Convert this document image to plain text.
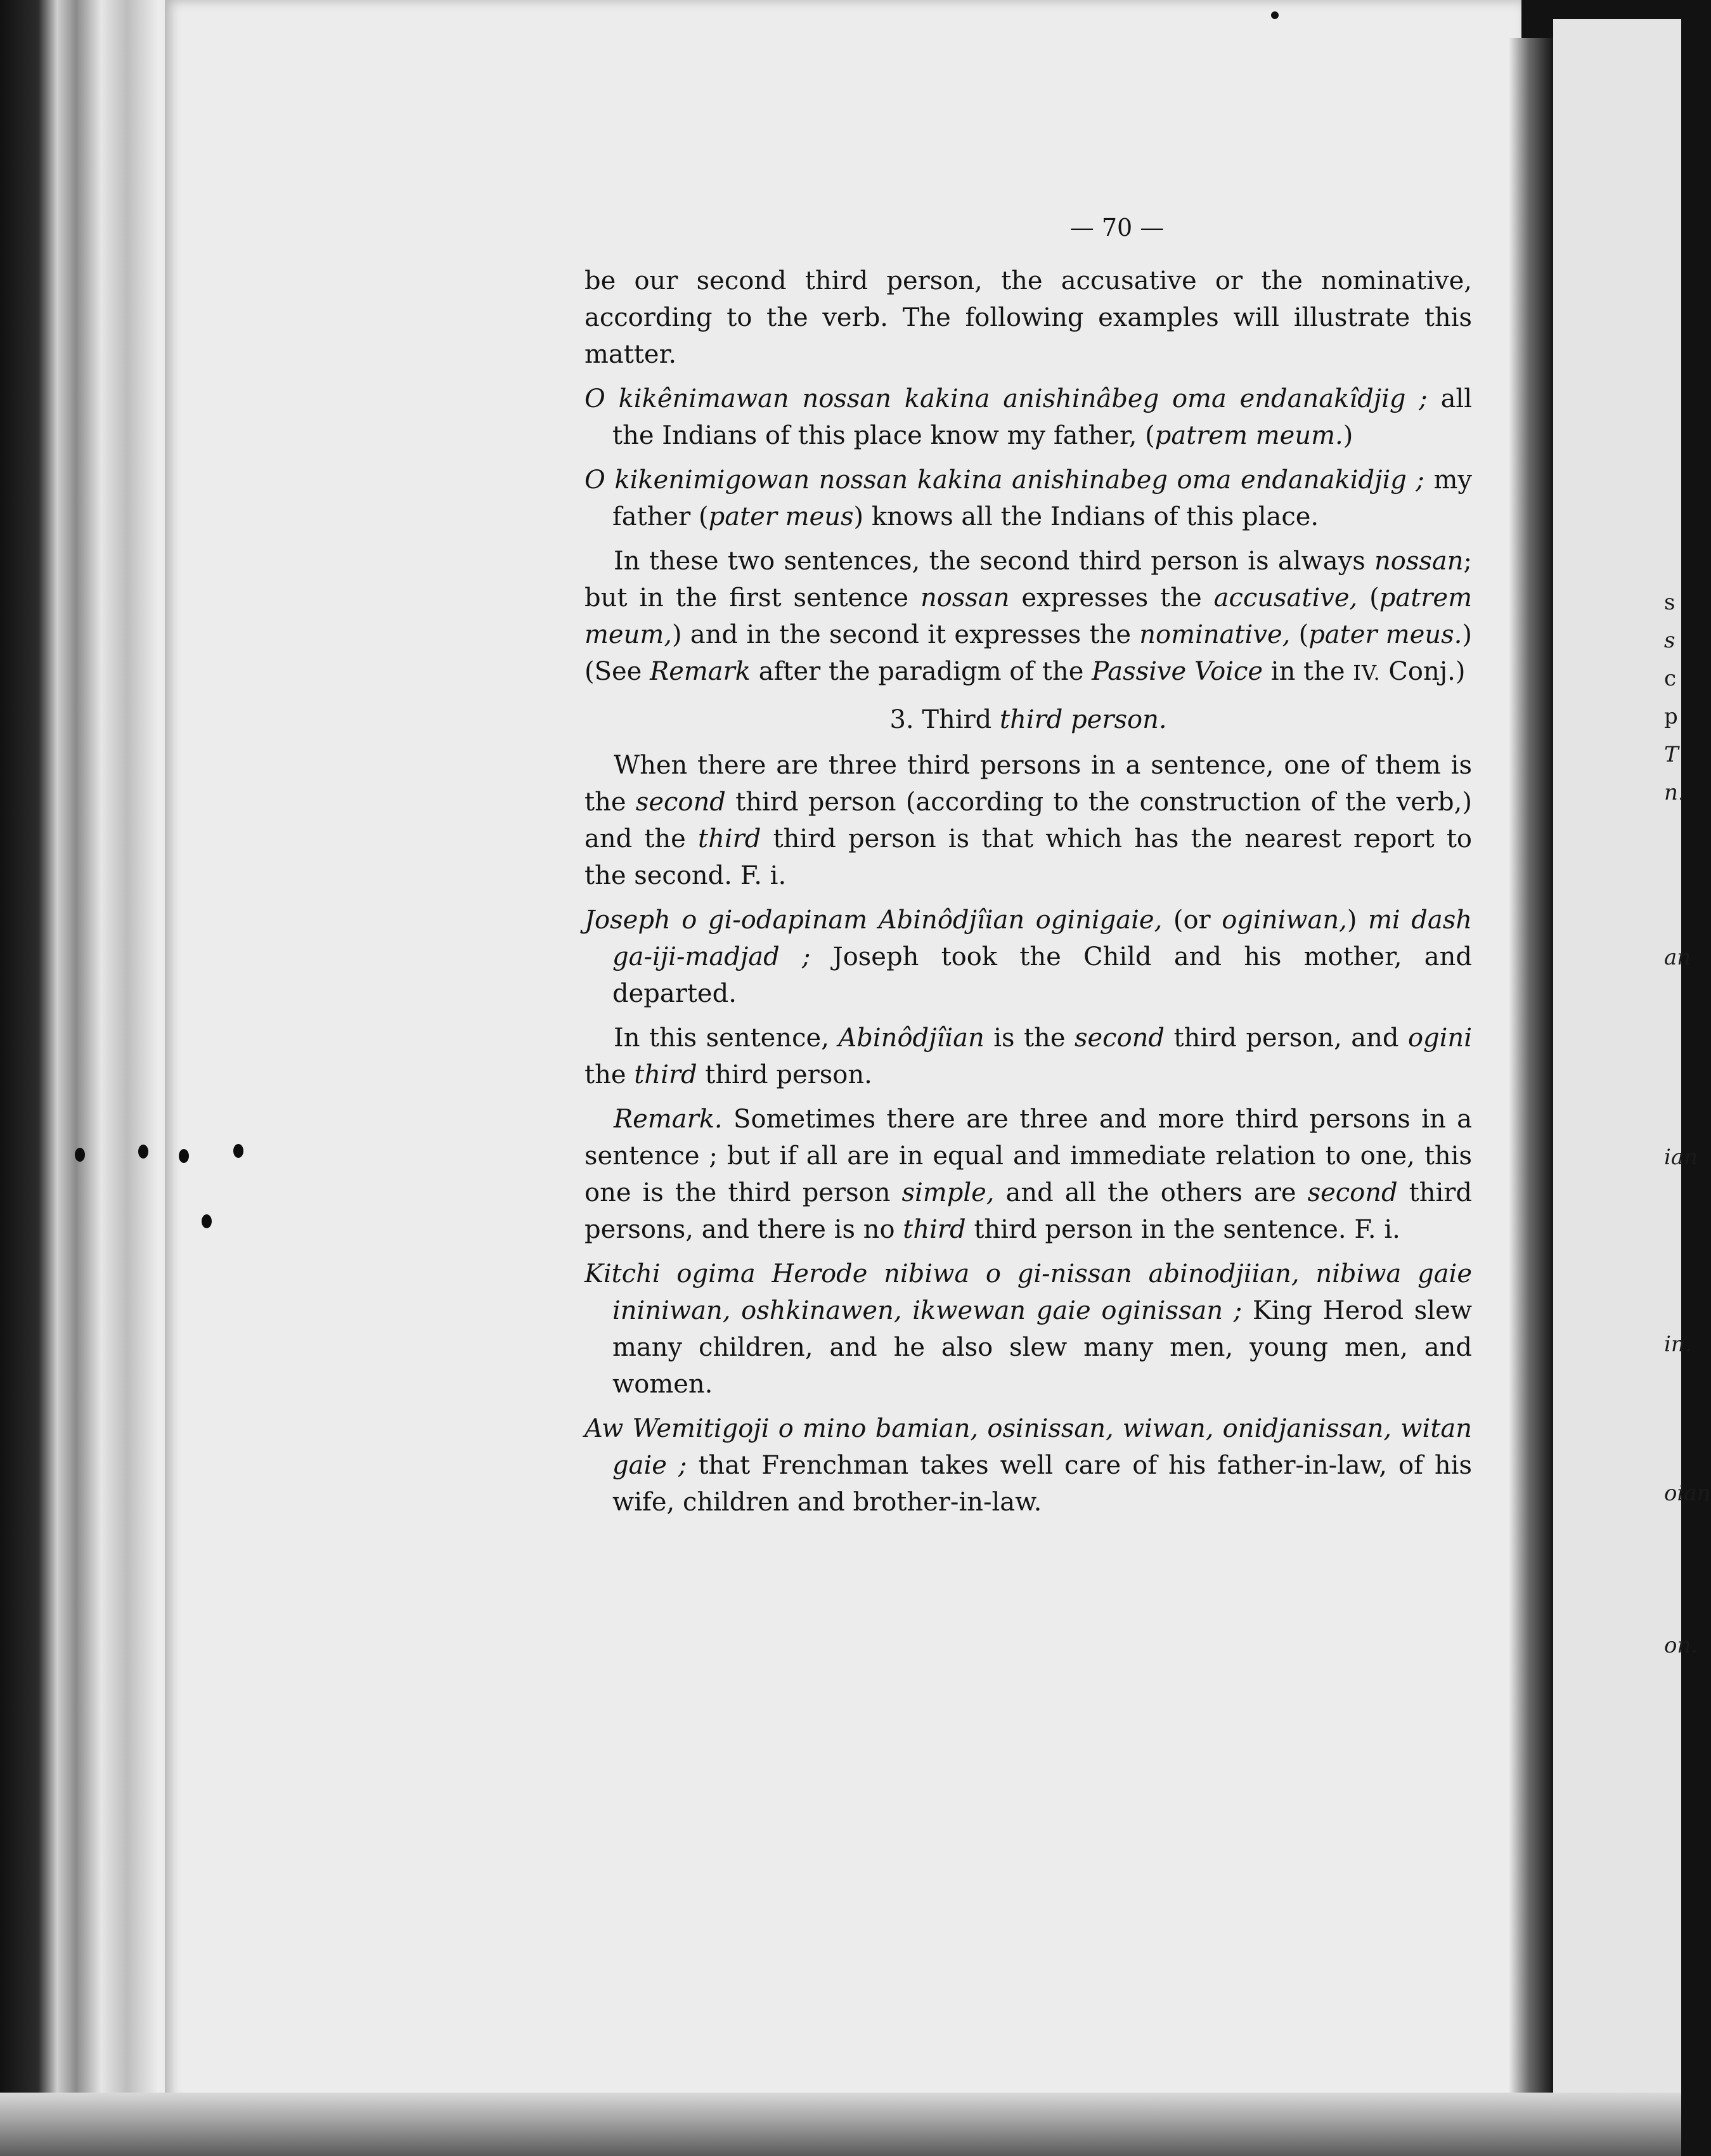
s
s
c
p
T
n.
an
ian
in.
oian
on.
— 70 —

be our second third person, the accusative or the nominative, according to the verb. The following examples will illustrate this matter.

O kikênimawan nossan kakina anishinâbeg oma endanakîdjig ; all the Indians of this place know my father, (patrem meum.)

O kikenimigowan nossan kakina anishinabeg oma endanakidjig ; my father (pater meus) knows all the Indians of this place.

In these two sentences, the second third person is always nossan; but in the first sentence nossan expresses the accusative, (patrem meum,) and in the second it expresses the nominative, (pater meus.) (See Remark after the paradigm of the Passive Voice in the IV. Conj.)

3. Third third person.

When there are three third persons in a sentence, one of them is the second third person (according to the construction of the verb,) and the third third person is that which has the nearest report to the second. F. i.

Joseph o gi-odapinam Abinôdjîian oginigaie, (or oginiwan,) mi dash ga-iji-madjad ; Joseph took the Child and his mother, and departed.

In this sentence, Abinôdjîian is the second third person, and ogini the third third person.

Remark. Sometimes there are three and more third persons in a sentence ; but if all are in equal and immediate relation to one, this one is the third person simple, and all the others are second third persons, and there is no third third person in the sentence. F. i.

Kitchi ogima Herode nibiwa o gi-nissan abinodjiian, nibiwa gaie ininiwan, oshkinawen, ikwewan gaie oginissan ; King Herod slew many children, and he also slew many men, young men, and women.

Aw Wemitigoji o mino bamian, osinissan, wiwan, onidjanissan, witan gaie ; that Frenchman takes well care of his father-in-law, of his wife, children and brother-in-law.
